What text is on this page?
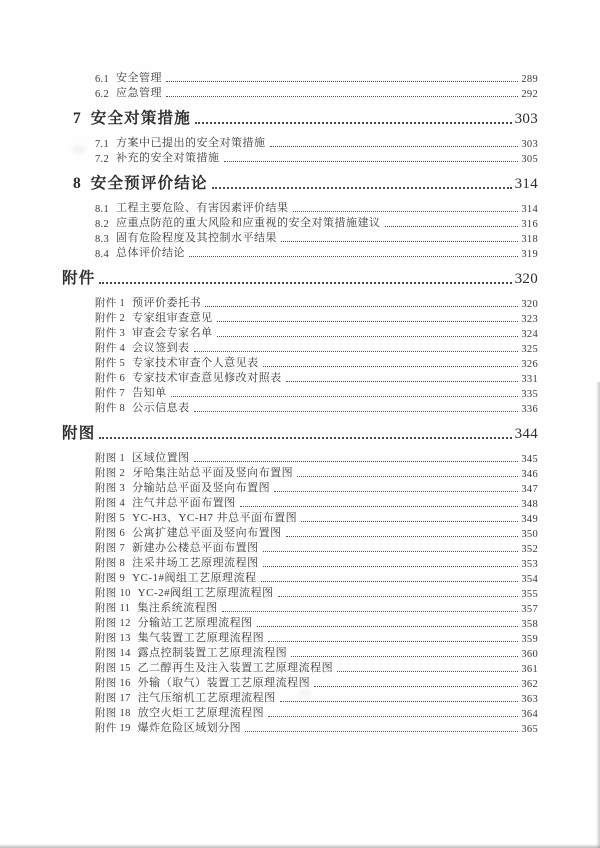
6.1 安全管理	289
6.2 应急管理	292
7 安全对策措施	303
7.1 方案中已提出的安全对策措施	303
7.2 补充的安全对策措施	305
8 安全预评价结论	314
8.1 工程主要危险、有害因素评价结果	314
8.2 应重点防范的重大风险和应重视的安全对策措施建议	316
8.3 固有危险程度及其控制水平结果	318
8.4 总体评价结论	319
附件	320
附件 1 预评价委托书	320
附件 2 专家组审查意见	323
附件 3 审查会专家名单	324
附件 4 会议签到表	325
附件 5 专家技术审查个人意见表	326
附件 6 专家技术审查意见修改对照表	331
附件 7 告知单	335
附件 8 公示信息表	336
附图	344
附图 1 区域位置图	345
附图 2 牙哈集注站总平面及竖向布置图	346
附图 3 分输站总平面及竖向布置图	347
附图 4 注气井总平面布置图	348
附图 5 YC-H3、YC-H7 井总平面布置图	349
附图 6 公寓扩建总平面及竖向布置图	350
附图 7 新建办公楼总平面布置图	352
附图 8 注采井场工艺原理流程图	353
附图 9 YC-1#阀组工艺原理流程	354
附图 10 YC-2#阀组工艺原理流程图	355
附图 11 集注系统流程图	357
附图 12 分输站工艺原理流程图	358
附图 13 集气装置工艺原理流程图	359
附图 14 露点控制装置工艺原理流程图	360
附图 15 乙二醇再生及注入装置工艺原理流程图	361
附图 16 外输（取气）装置工艺原理流程图	362
附图 17 注气压缩机工艺原理流程图	363
附图 18 放空火炬工艺原理流程图	364
附件 19 爆炸危险区域划分图	365
